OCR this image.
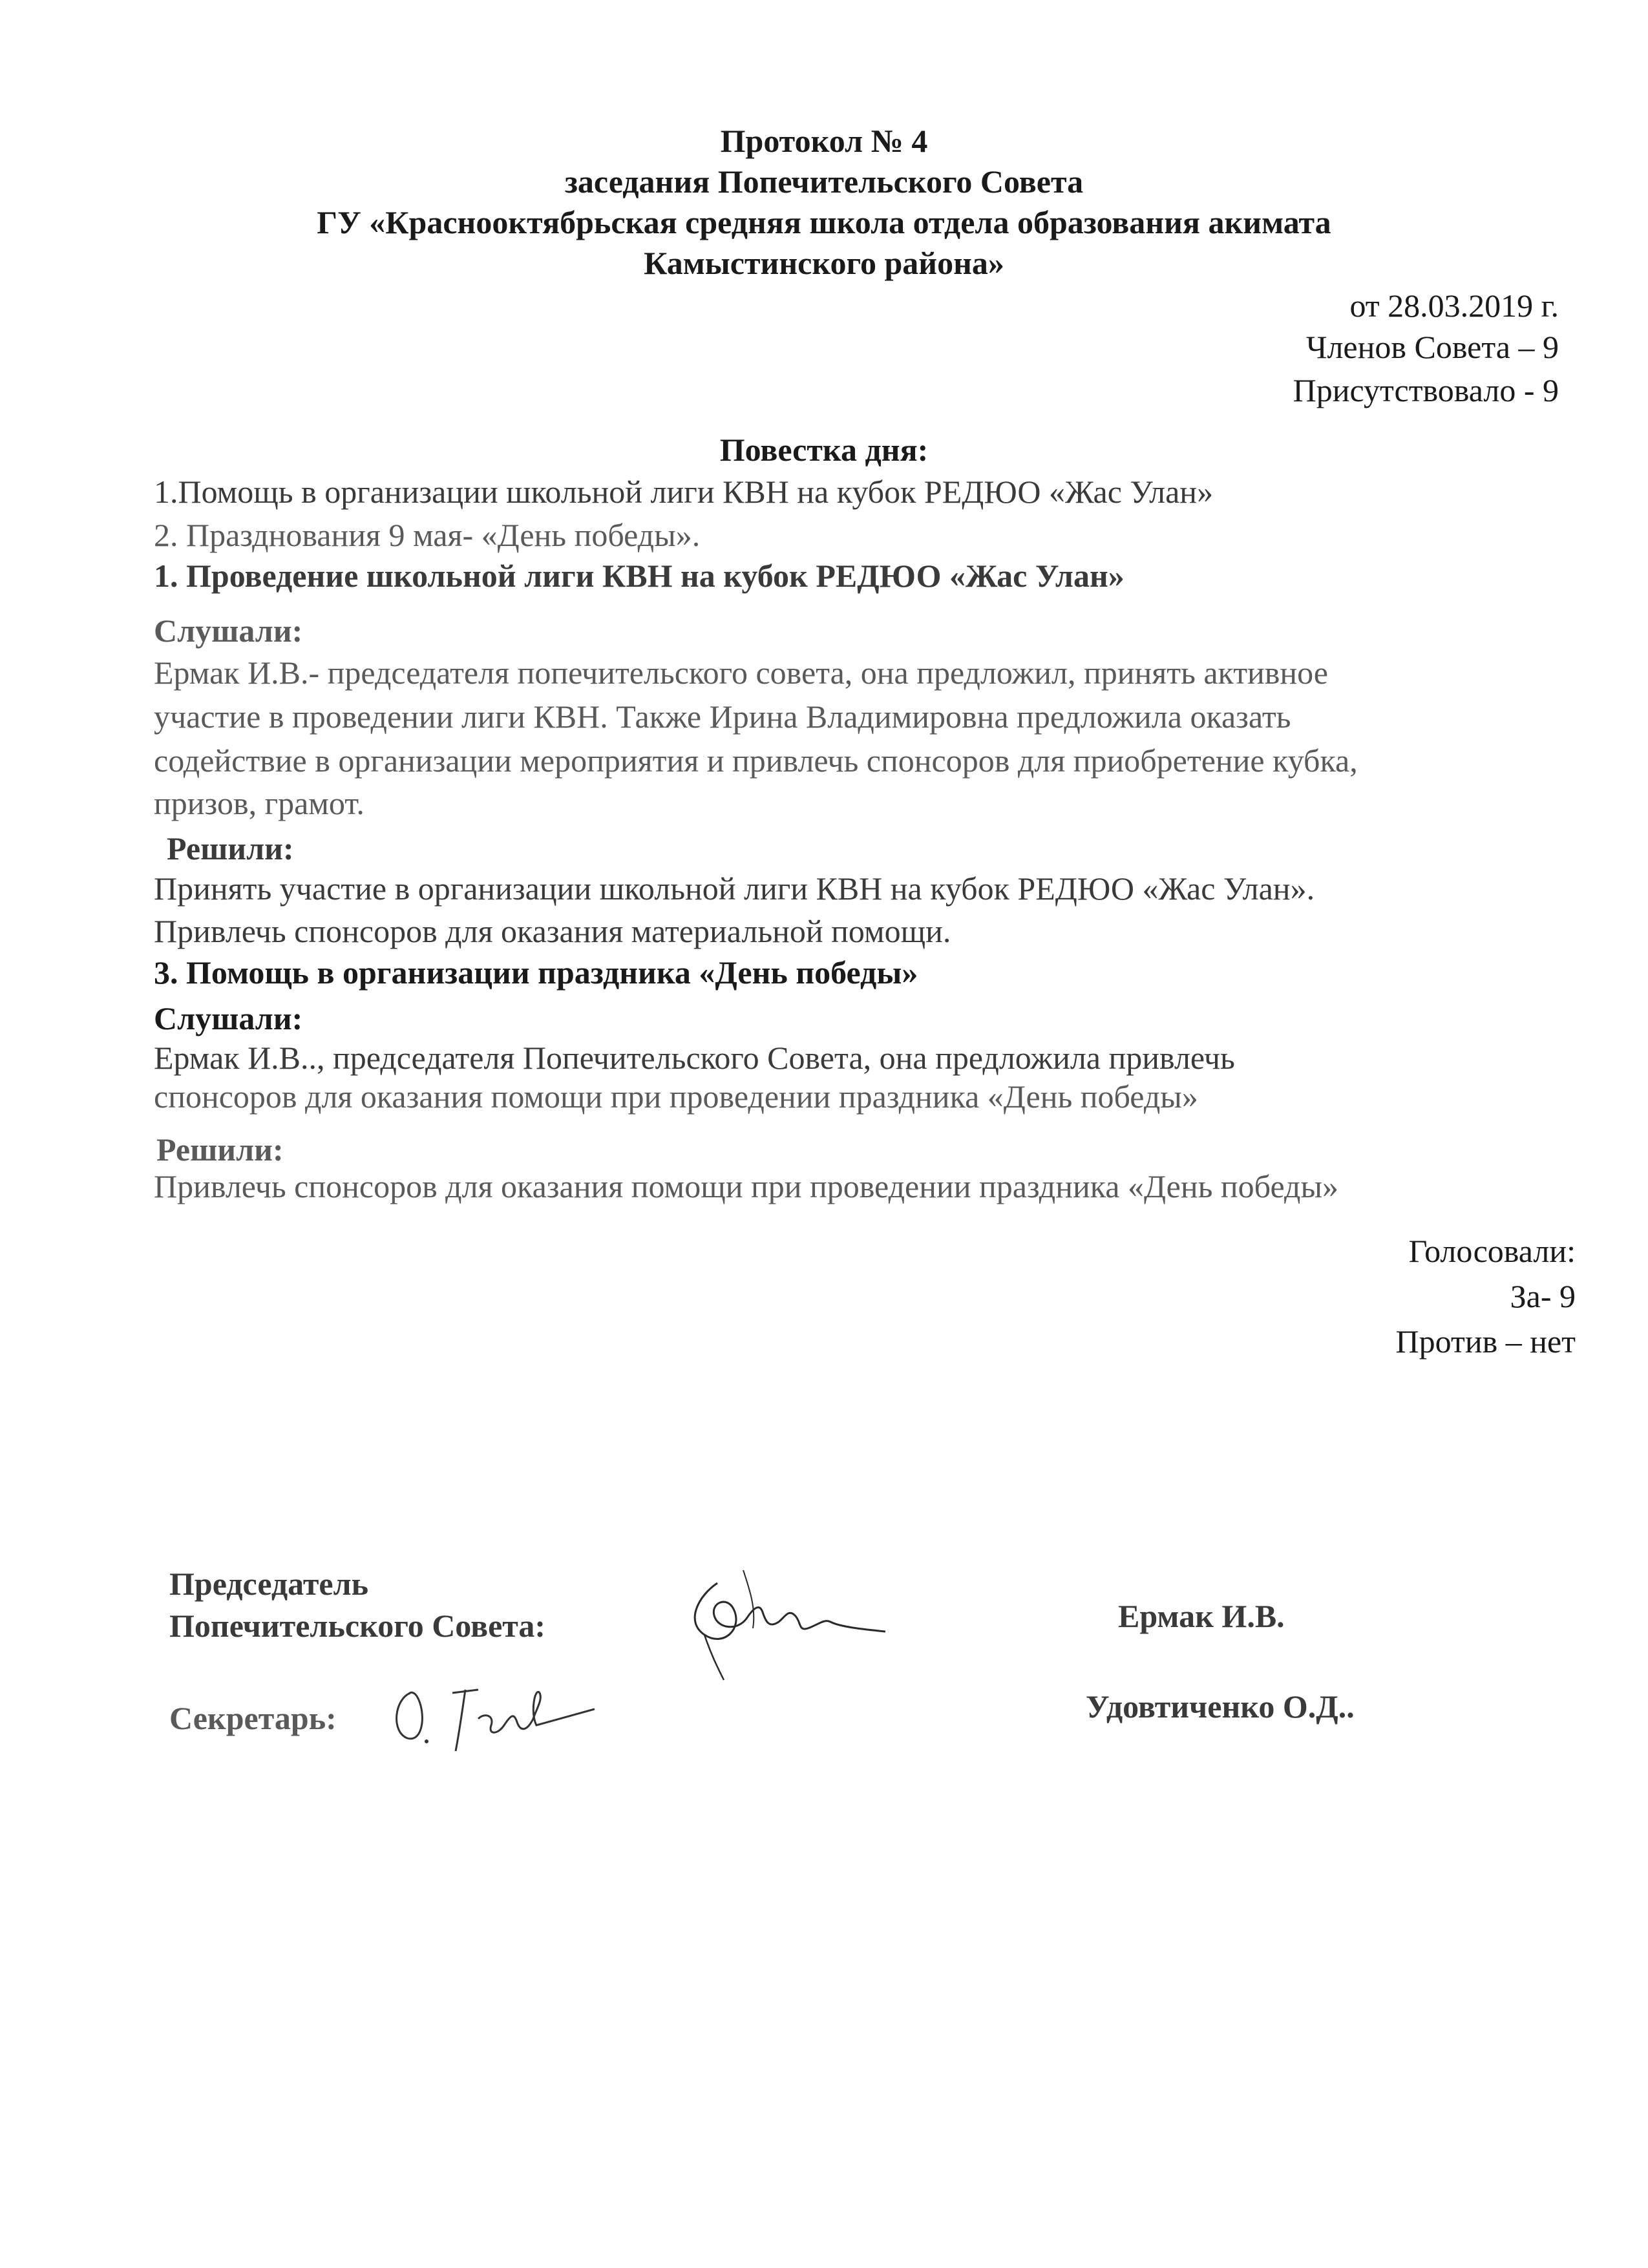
Протокол № 4
заседания Попечительского Совета
ГУ «Краснооктябрьская средняя школа отдела образования акимата
Камыстинского района»
от 28.03.2019 г.
Членов Совета – 9
Присутствовало - 9
Повестка дня:
1.Помощь в организации школьной лиги КВН на кубок РЕДЮО «Жас Улан»
2. Празднования 9 мая- «День победы».
1. Проведение школьной лиги КВН на кубок РЕДЮО «Жас Улан»
Слушали:
Ермак И.В.- председателя попечительского совета, она предложил, принять активное
участие в проведении лиги КВН. Также Ирина Владимировна предложила оказать
содействие в организации мероприятия и привлечь спонсоров для приобретение кубка,
призов, грамот.
Решили:
Принять участие в организации школьной лиги КВН на кубок РЕДЮО «Жас Улан».
Привлечь спонсоров для оказания материальной помощи.
3. Помощь в организации праздника «День победы»
Слушали:
Ермак И.В.., председателя Попечительского Совета, она предложила привлечь
спонсоров для оказания помощи при проведении праздника «День победы»
Решили:
Привлечь спонсоров для оказания помощи при проведении праздника «День победы»
Голосовали:
За- 9
Против – нет
Председатель
Попечительского Совета:	Ермак И.В.
Секретарь:	Удовтиченко О.Д..
